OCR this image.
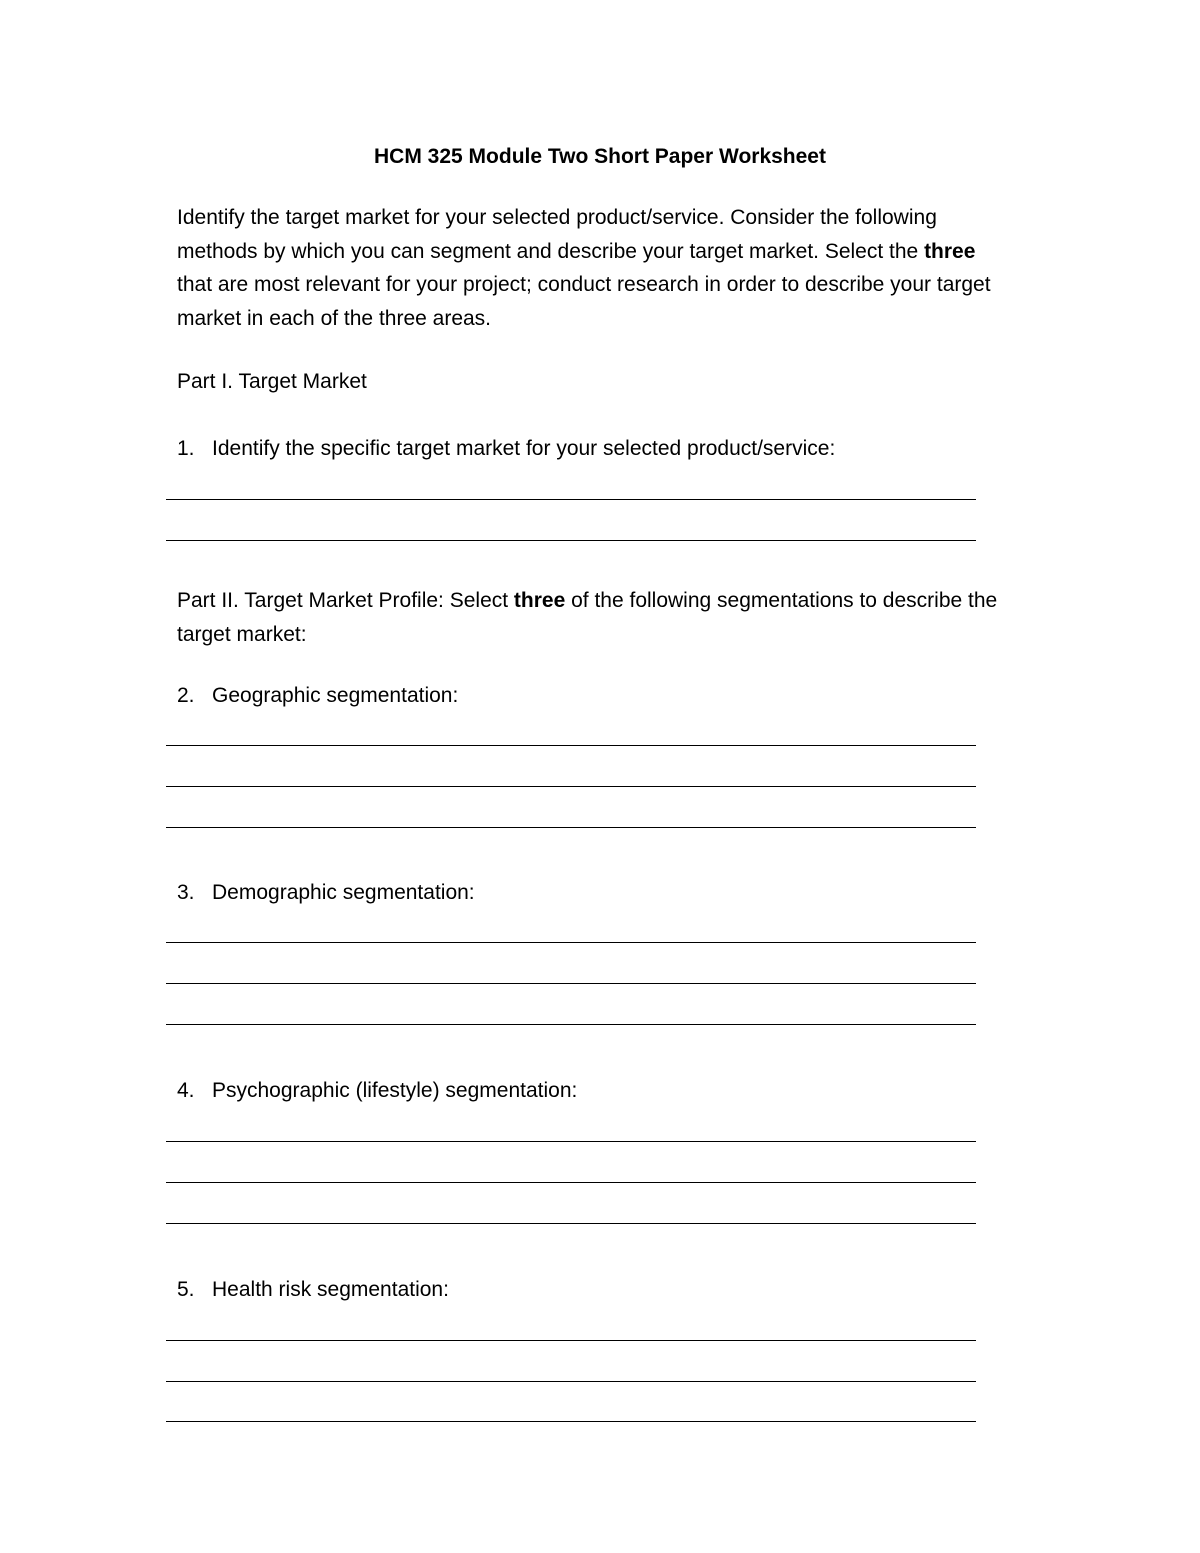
HCM 325 Module Two Short Paper Worksheet

Identify the target market for your selected product/service. Consider the following methods by which you can segment and describe your target market. Select the three that are most relevant for your project; conduct research in order to describe your target market in each of the three areas.

Part I. Target Market

1. Identify the specific target market for your selected product/service:

Part II. Target Market Profile: Select three of the following segmentations to describe the target market:

2. Geographic segmentation:

3. Demographic segmentation:

4. Psychographic (lifestyle) segmentation:

5. Health risk segmentation:
